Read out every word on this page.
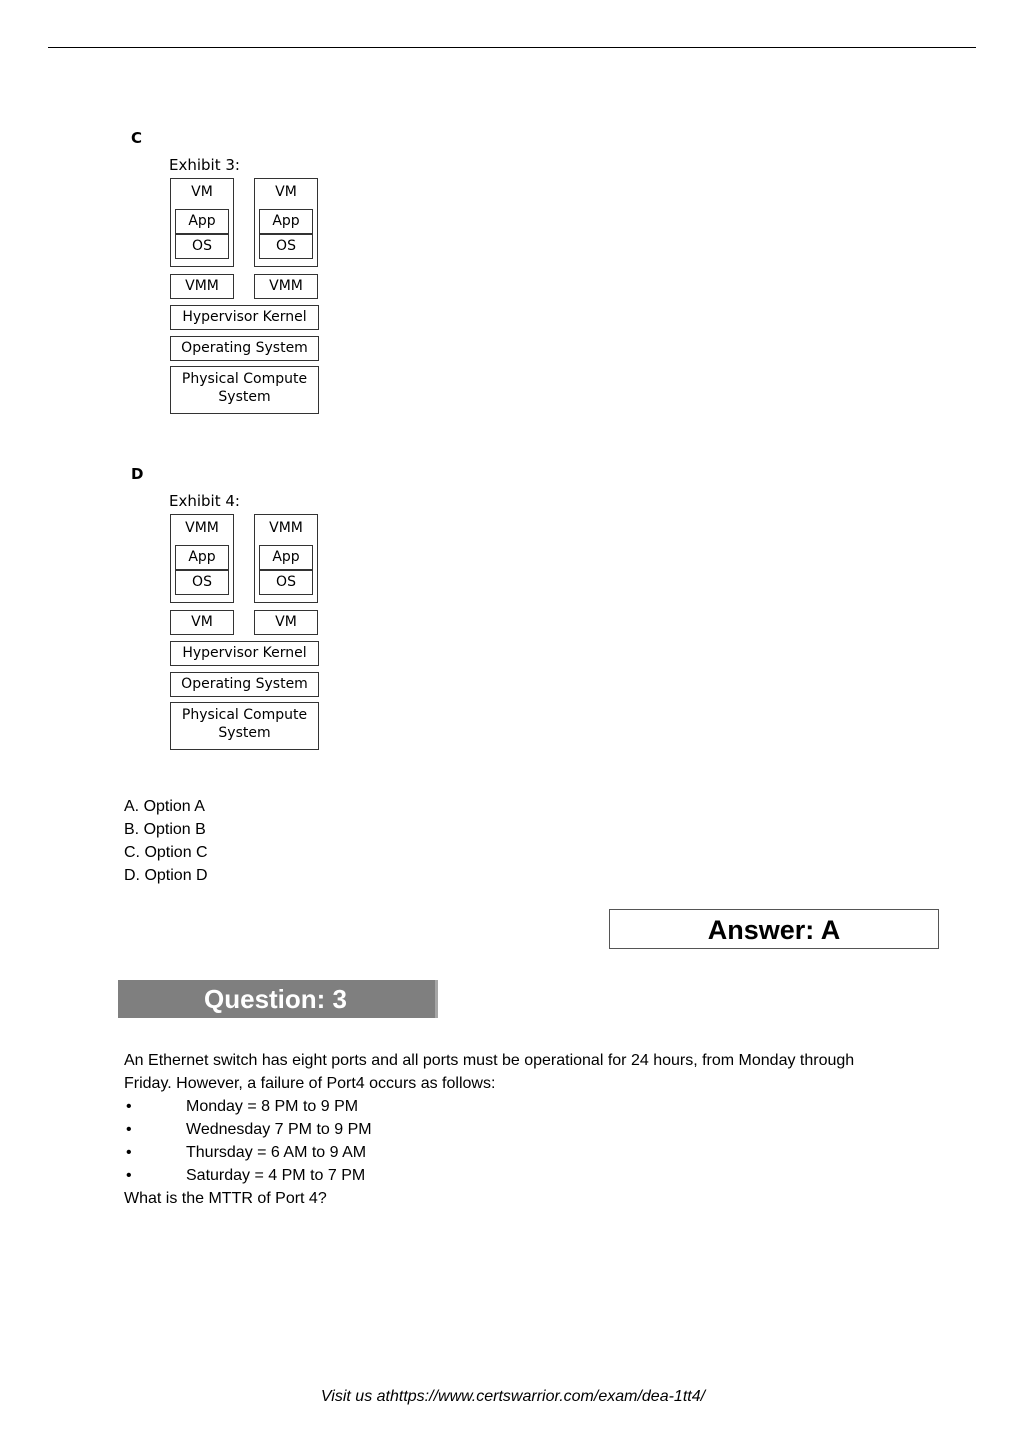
C
Exhibit 3:
VM
App
OS
VM
App
OS
VMM	VMM
Hypervisor Kernel
Operating System
Physical Compute
System
D
Exhibit 4:
VMM
App
OS
VMM
App
OS
VM	VM
Hypervisor Kernel
Operating System
Physical Compute
System
A. Option A
B. Option B
C. Option C
D. Option D
Answer: A
Question: 3

An Ethernet switch has eight ports and all ports must be operational for 24 hours, from Monday through

Friday. However, a failure of Port4 occurs as follows:

•	Monday = 8 PM to 9 PM
•	Wednesday 7 PM to 9 PM
•	Thursday = 6 AM to 9 AM
•	Saturday = 4 PM to 7 PM

What is the MTTR of Port 4?

Visit us athttps://www.certswarrior.com/exam/dea-1tt4/
